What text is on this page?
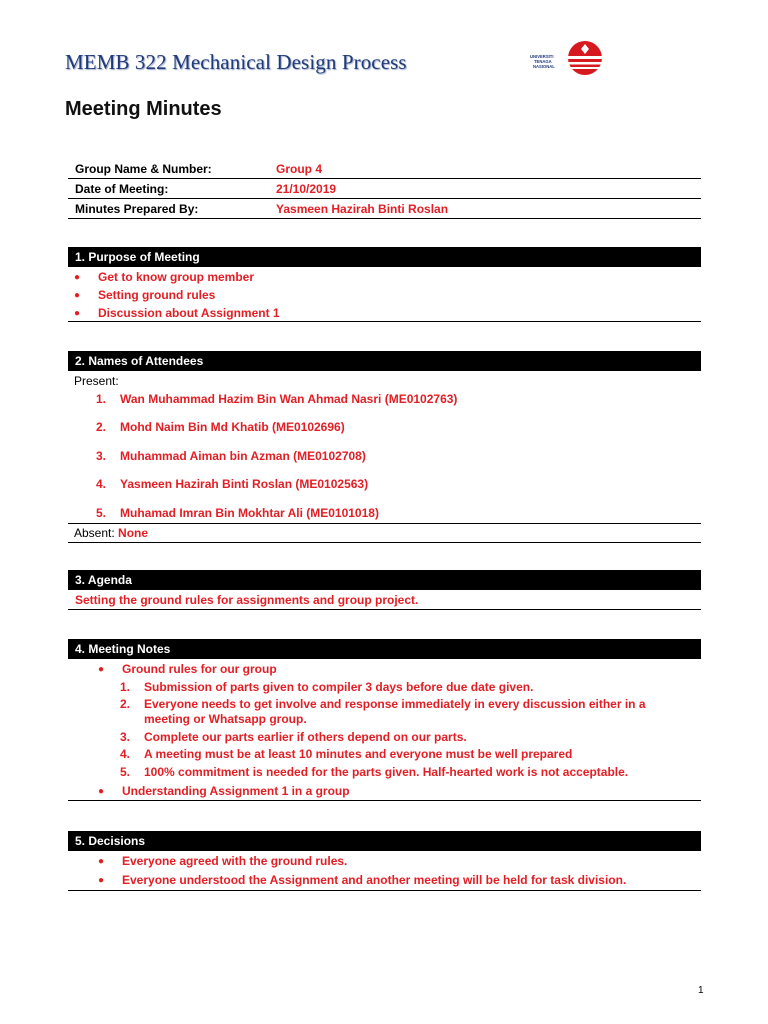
MEMB 322 Mechanical Design Process	UNIVERSITI
TENAGA
NASIONAL
Meeting Minutes
Group Name & Number:	Group 4
Date of Meeting:	21/10/2019
Minutes Prepared By:	Yasmeen Hazirah Binti Roslan
1. Purpose of Meeting
● Get to know group member
● Setting ground rules
● Discussion about Assignment 1
2. Names of Attendees
Present:
1. Wan Muhammad Hazim Bin Wan Ahmad Nasri (ME0102763)
2. Mohd Naim Bin Md Khatib (ME0102696)
3. Muhammad Aiman bin Azman (ME0102708)
4. Yasmeen Hazirah Binti Roslan (ME0102563)
5. Muhamad Imran Bin Mokhtar Ali (ME0101018)
Absent: None
3. Agenda
Setting the ground rules for assignments and group project.
4. Meeting Notes
● Ground rules for our group
1. Submission of parts given to compiler 3 days before due date given.
2. Everyone needs to get involve and response immediately in every discussion either in a
meeting or Whatsapp group.
3. Complete our parts earlier if others depend on our parts.
4. A meeting must be at least 10 minutes and everyone must be well prepared
5. 100% commitment is needed for the parts given. Half-hearted work is not acceptable.
● Understanding Assignment 1 in a group
5. Decisions
● Everyone agreed with the ground rules.
● Everyone understood the Assignment and another meeting will be held for task division.
1
